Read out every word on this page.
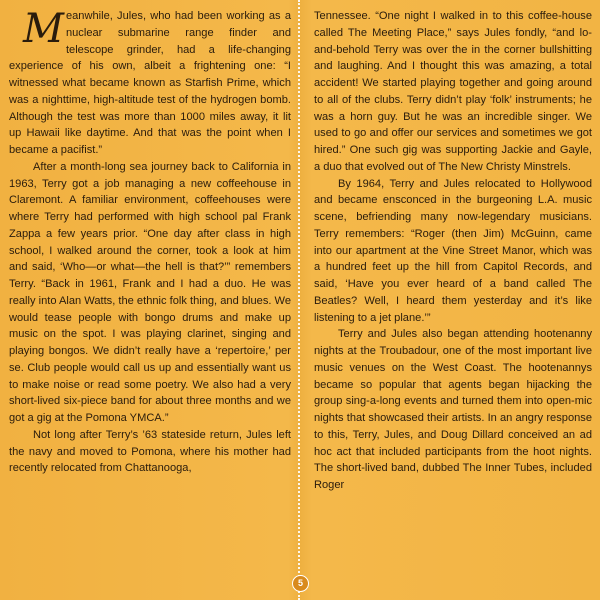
Meanwhile, Jules, who had been working as a nuclear submarine range finder and telescope grinder, had a life-changing experience of his own, albeit a frightening one: “I witnessed what became known as Starfish Prime, which was a nighttime, high-altitude test of the hydrogen bomb. Although the test was more than 1000 miles away, it lit up Hawaii like daytime. And that was the point when I became a pacifist.”

After a month-long sea journey back to California in 1963, Terry got a job managing a new coffeehouse in Claremont. A familiar environment, coffeehouses were where Terry had performed with high school pal Frank Zappa a few years prior. “One day after class in high school, I walked around the corner, took a look at him and said, ‘Who—or what—the hell is that?’” remembers Terry. “Back in 1961, Frank and I had a duo. He was really into Alan Watts, the ethnic folk thing, and blues. We would tease people with bongo drums and make up music on the spot. I was playing clarinet, singing and playing bongos. We didn’t really have a ‘repertoire,’ per se. Club people would call us up and essentially want us to make noise or read some poetry. We also had a very short-lived six-piece band for about three months and we got a gig at the Pomona YMCA.”

Not long after Terry’s ’63 stateside return, Jules left the navy and moved to Pomona, where his mother had recently relocated from Chattanooga,

Tennessee. “One night I walked in to this coffee-house called The Meeting Place,” says Jules fondly, “and lo-and-behold Terry was over the in the corner bullshitting and laughing. And I thought this was amazing, a total accident! We started playing together and going around to all of the clubs. Terry didn’t play ‘folk’ instruments; he was a horn guy. But he was an incredible singer. We used to go and offer our services and sometimes we got hired.” One such gig was supporting Jackie and Gayle, a duo that evolved out of The New Christy Minstrels.

By 1964, Terry and Jules relocated to Hollywood and became ensconced in the burgeoning L.A. music scene, befriending many now-legendary musicians. Terry remembers: “Roger (then Jim) McGuinn, came into our apartment at the Vine Street Manor, which was a hundred feet up the hill from Capitol Records, and said, ‘Have you ever heard of a band called The Beatles? Well, I heard them yesterday and it’s like listening to a jet plane.’”

Terry and Jules also began attending hootenanny nights at the Troubadour, one of the most important live music venues on the West Coast. The hootenannys became so popular that agents began hijacking the group sing-a-long events and turned them into open-mic nights that showcased their artists. In an angry response to this, Terry, Jules, and Doug Dillard conceived an ad hoc act that included participants from the hoot nights. The short-lived band, dubbed The Inner Tubes, included Roger

5
